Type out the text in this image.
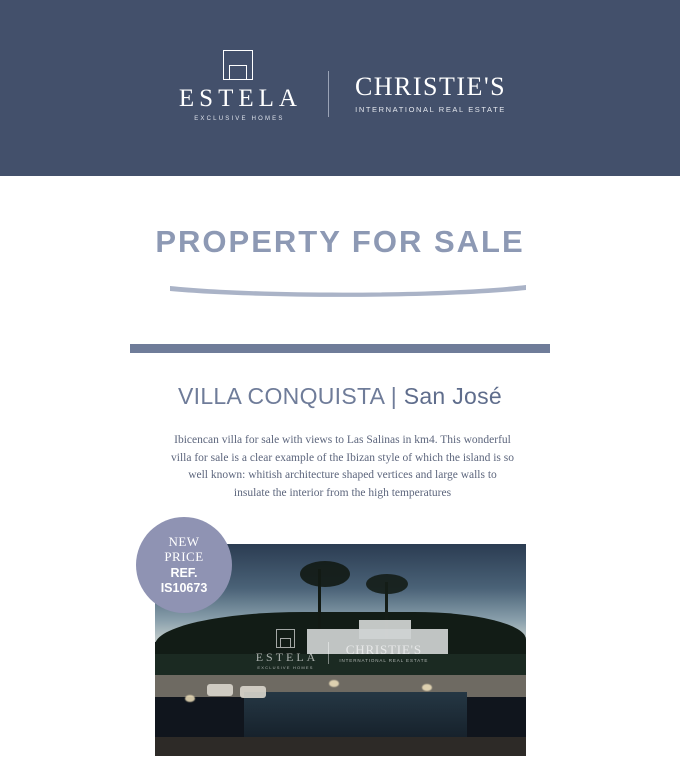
ESTELA
EXCLUSIVE HOMES
CHRISTIE'S
INTERNATIONAL REAL ESTATE
PROPERTY FOR SALE
VILLA CONQUISTA | San José
Ibicencan villa for sale with views to Las Salinas in km4. This wonderful villa for sale is a clear example of the Ibizan style of which the island is so well known: whitish architecture shaped vertices and large walls to insulate the interior from the high temperatures
NEW
PRICE
REF.
IS10673
ESTELA
EXCLUSIVE HOMES
CHRISTIE'S
INTERNATIONAL REAL ESTATE
